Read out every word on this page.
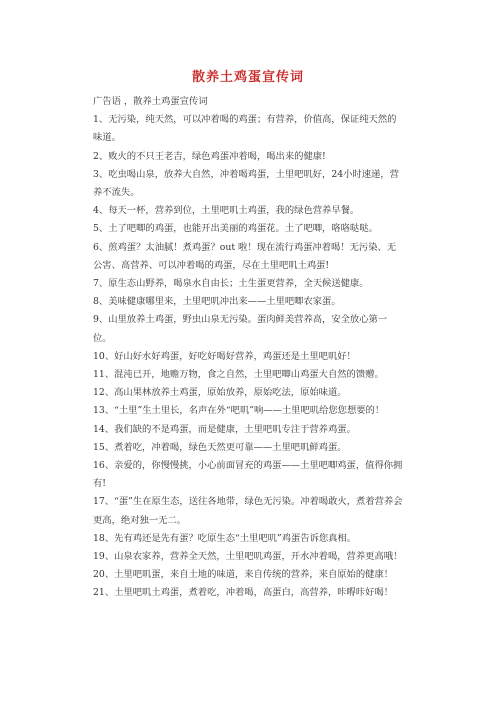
散养土鸡蛋宣传词

广告语 ，散养土鸡蛋宣传词

1、无污染，纯天然，可以冲着喝的鸡蛋；有营养，价值高，保证纯天然的味道。

2、败火的不只王老吉，绿色鸡蛋冲着喝，喝出来的健康!

3、吃虫喝山泉，放养大自然，冲着喝鸡蛋，土里吧叽好，24小时速递，营养不流失。

4、每天一杯，营养到位，土里吧叽土鸡蛋，我的绿色营养早餐。

5、土了吧唧的鸡蛋，也能开出美丽的鸡蛋花。土了吧唧，咯咯哒哒。

6、煎鸡蛋？太油腻！煮鸡蛋？out 啦！现在流行鸡蛋冲着喝！无污染、无公害、高营养、可以冲着喝的鸡蛋，尽在土里吧叽土鸡蛋!

7、原生态山野养，喝泉水自由长；土生蛋更营养，全天候送健康。

8、美味健康哪里来，土里吧叽冲出来——土里吧唧农家蛋。

9、山里放养土鸡蛋，野虫山泉无污染。蛋肉鲜美营养高，安全放心第一位。

10、好山好水好鸡蛋，好吃好喝好营养，鸡蛋还是土里吧叽好！

11、混沌已开，地赡万物，食之自然，土里吧唧山鸡蛋大自然的馈赠。

12、高山果林放养土鸡蛋，原始放养，原始吃法，原始味道。

13、“土里”生土里长，名声在外“吧叽”响——土里吧叽给您您想要的！

14、我们缺的不是鸡蛋，而是健康，土里吧叽专注于营养鸡蛋。

15、煮着吃，冲着喝，绿色天然更可靠——土里吧叽鲜鸡蛋。

16、亲爱的，你慢慢挑，小心前面冒充的鸡蛋——土里吧唧鸡蛋，值得你拥有!

17、“蛋”生在原生态，送往各地带，绿色无污染。冲着喝敢火，煮着营养会更高，绝对独一无二。

18、先有鸡还是先有蛋？吃原生态“土里吧叽”鸡蛋告诉您真相。

19、山泉农家养，营养全天然，土里吧叽鸡蛋，开水冲着喝，营养更高哦！

20、土里吧叽蛋，来自土地的味道，来自传统的营养，来自原始的健康！

21、土里吧叽土鸡蛋，煮着吃，冲着喝，高蛋白，高营养，咔嘚咔好喝！
